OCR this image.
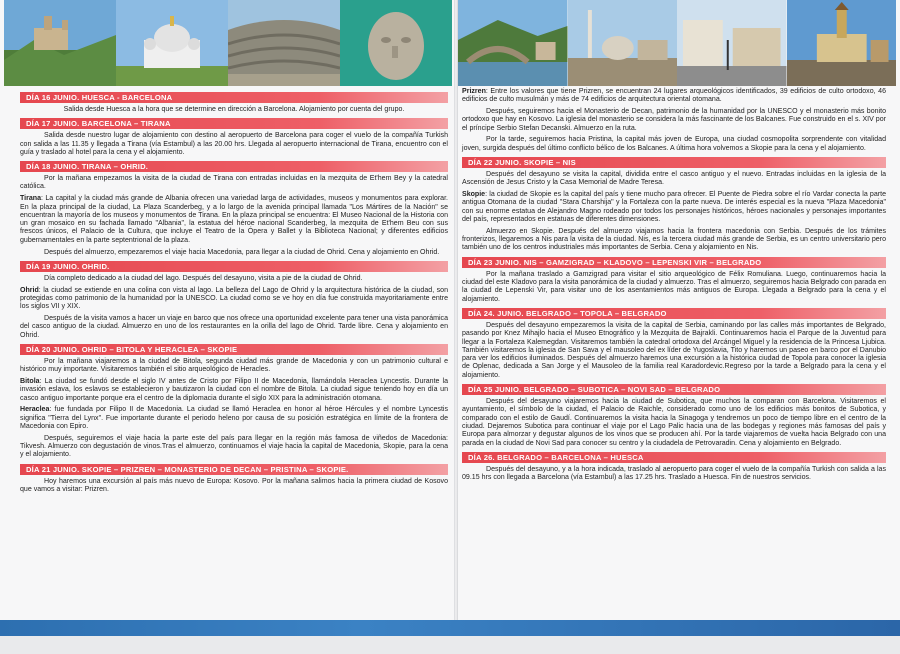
DÍA 16 JUNIO. HUESCA - BARCELONA
Salida desde Huesca a la hora que se determine en dirección a Barcelona. Alojamiento por cuenta del grupo.
DÍA 17 JUNIO. BARCELONA – TIRANA
Salida desde nuestro lugar de alojamiento con destino al aeropuerto de Barcelona para coger el vuelo de la compañía Turkish con salida a las 11.35 y llegada a Tirana (vía Estambul) a las 20.00 hrs. Llegada al aeropuerto internacional de Tirana, encuentro con el guía y traslado al hotel para la cena y el alojamiento.
DÍA 18 JUNIO. TIRANA – OHRID.
Por la mañana empezamos la visita de la ciudad de Tirana con entradas incluidas en la mezquita de Et'hem Bey y la catedral católica.
Tirana: La capital y la ciudad más grande de Albania ofrecen una variedad larga de actividades, museos y monumentos para explorar. En la plaza principal de la ciudad, La Plaza Scanderbeg, y a lo largo de la avenida principal llamada "Los Mártires de la Nación" se encuentran la mayoría de los museos y monumentos de Tirana. En la plaza principal se encuentra: El Museo Nacional de la Historia con un gran mosaico en su fachada llamado "Albania", la estatua del héroe nacional Scanderbeg, la mezquita de Et'hem Beu con sus frescos únicos, el Palacio de la Cultura, que incluye el Teatro de la Ópera y Ballet y la Biblioteca Nacional; y diferentes edificios gubernamentales en la parte septentrional de la plaza.
Después del almuerzo, empezaremos el viaje hacia Macedonia, para llegar a la ciudad de Ohrid. Cena y alojamiento en Ohrid.
DÍA 19 JUNIO. OHRID.
Día completo dedicado a la ciudad del lago. Después del desayuno, visita a pie de la ciudad de Ohrid.
Ohrid: la ciudad se extiende en una colina con vista al lago. La belleza del Lago de Ohrid y la arquitectura histórica de la ciudad, son protegidas como patrimonio de la humanidad por la UNESCO. La ciudad como se ve hoy en día fue construida mayoritariamente entre los siglos VII y XIX.
Después de la visita vamos a hacer un viaje en barco que nos ofrece una oportunidad excelente para tener una vista panorámica del casco antiguo de la ciudad. Almuerzo en uno de los restaurantes en la orilla del lago de Ohrid. Tarde libre. Cena y alojamiento en Ohrid.
DÍA 20 JUNIO. OHRID – BITOLA Y HERACLEA – SKOPIE
Por la mañana viajaremos a la ciudad de Bitola, segunda ciudad más grande de Macedonia y con un patrimonio cultural e histórico muy importante. Visitaremos también el sitio arqueológico de Heracles.
Bitola: La ciudad se fundó desde el siglo IV antes de Cristo por Filipo II de Macedonia, llamándola Heraclea Lyncestis. Durante la invasión eslava, los eslavos se establecieron y bautizaron la ciudad con el nombre de Bitola. La ciudad sigue teniendo hoy en día un casco antiguo importante porque era el centro de la diplomacia durante el siglo XIX para la administración otomana.
Heraclea: fue fundada por Filipo II de Macedonia. La ciudad se llamó Heraclea en honor al héroe Hércules y el nombre Lyncestis significa "Tierra del Lynx". Fue importante durante el periodo heleno por causa de su posición estratégica en límite de la frontera de Macedonia con Epiro.
Después, seguiremos el viaje hacia la parte este del país para llegar en la región más famosa de viñedos de Macedonia: Tikvesh. Almuerzo con degustación de vinos.Tras el almuerzo, continuamos el viaje hacia la capital de Macedonia, Skopie, para la cena y el alojamiento.
DÍA 21 JUNIO. SKOPIE – PRIZREN – MONASTERIO DE DECAN – PRISTINA – SKOPIE.
Hoy haremos una excursión al país más nuevo de Europa: Kosovo. Por la mañana salimos hacia la primera ciudad de Kosovo que vamos a visitar: Prizren.
Prizren: Entre los valores que tiene Prizren, se encuentran 24 lugares arqueológicos identificados, 39 edificios de culto ortodoxo, 46 edificios de culto musulmán y más de 74 edificios de arquitectura oriental otomana.
Después, seguiremos hacia el Monasterio de Decan, patrimonio de la humanidad por la UNESCO y el monasterio más bonito ortodoxo que hay en Kosovo. La iglesia del monasterio se considera la más fascinante de los Balcanes. Fue construido en el s. XIV por el príncipe Serbio Stefan Decanski. Almuerzo en la ruta.
Por la tarde, seguiremos hacia Pristina, la capital más joven de Europa, una ciudad cosmopolita sorprendente con vitalidad joven, surgida después del último conflicto bélico de los Balcanes. A última hora volvemos a Skopie para la cena y el alojamiento.
DÍA 22 JUNIO. SKOPIE – NIS
Después del desayuno se visita la capital, dividida entre el casco antiguo y el nuevo. Entradas incluidas en la iglesia de la Ascensión de Jesus Cristo y la Casa Memorial de Madre Teresa.
Skopie: la ciudad de Skopie es la capital del país y tiene mucho para ofrecer. El Puente de Piedra sobre el río Vardar conecta la parte antigua Otomana de la ciudad "Stara Charshija" y la Fortaleza con la parte nueva. De interés especial es la nueva "Plaza Macedonia" con su enorme estatua de Alejandro Magno rodeado por todos los personajes históricos, héroes nacionales y personajes importantes del país, representados en estatuas de diferentes dimensiones.
Almuerzo en Skopie. Después del almuerzo viajamos hacia la frontera macedonia con Serbia. Después de los trámites fronterizos, llegaremos a Nis para la visita de la ciudad. Nis, es la tercera ciudad más grande de Serbia, es un centro universitario pero también uno de los centros industriales más importantes de Serbia. Cena y alojamiento en Nis.
DÍA 23 JUNIO. NIS – GAMZIGRAD – KLADOVO – LEPENSKI VIR – BELGRADO
Por la mañana traslado a Gamzigrad para visitar el sitio arqueológico de Félix Romuliana. Luego, continuaremos hacia la ciudad del este Kladovo para la visita panorámica de la ciudad y almuerzo. Tras el almuerzo, seguiremos hacia Belgrado con parada en la ciudad de Lepenski Vir, para visitar uno de los asentamientos más antiguos de Europa. Llegada a Belgrado para la cena y el alojamiento.
DÍA 24. JUNIO. BELGRADO – TOPOLA – BELGRADO
Después del desayuno empezaremos la visita de la capital de Serbia, caminando por las calles más importantes de Belgrado, pasando por Knez Mihajlo hacia el Museo Etnográfico y la Mezquita de Bajrakli. Continuaremos hacia el Parque de la Juventud para llegar a la Fortaleza Kalemegdan. Visitaremos también la catedral ortodoxa del Arcángel Miguel y la residencia de la Princesa Ljubica. También visitaremos la iglesia de San Sava y el mausoleo del ex líder de Yugoslavia, Tito y haremos un paseo en barco por el Danubio para ver los edificios iluminados. Después del almuerzo haremos una excursión a la histórica ciudad de Topola para conocer la iglesia de Oplenac, dedicada a San Jorge y el Mausoleo de la familia real Karadordevic.Regreso por la tarde a Belgrado para la cena y el alojamiento.
DÍA 25 JUNIO. BELGRADO – SUBOTICA – NOVI SAD – BELGRADO
Después del desayuno viajaremos hacia la ciudad de Subotica, que muchos la comparan con Barcelona. Visitaremos el ayuntamiento, el símbolo de la ciudad, el Palacio de Raichle, considerado como uno de los edificios más bonitos de Subotica, y comparado con el estilo de Gaudí. Continuaremos la visita hacia la Sinagoga y tendremos un poco de tiempo libre en el centro de la ciudad. Dejaremos Subotica para continuar el viaje por el Lago Palic hacia una de las bodegas y regiones más famosas del país y Europa para almorzar y degustar algunos de los vinos que se producen ahí. Por la tarde viajaremos de vuelta hacia Belgrado con una parada en la ciudad de Novi Sad para conocer su centro y la ciudadela de Petrovaradin. Cena y alojamiento en Belgrado.
DÍA 26. BELGRADO – BARCELONA – HUESCA
Después del desayuno, y a la hora indicada, traslado al aeropuerto para coger el vuelo de la compañía Turkish con salida a las 09.15 hrs con llegada a Barcelona (vía Estambul) a las 17.25 hrs. Traslado a Huesca. Fin de nuestros servicios.
